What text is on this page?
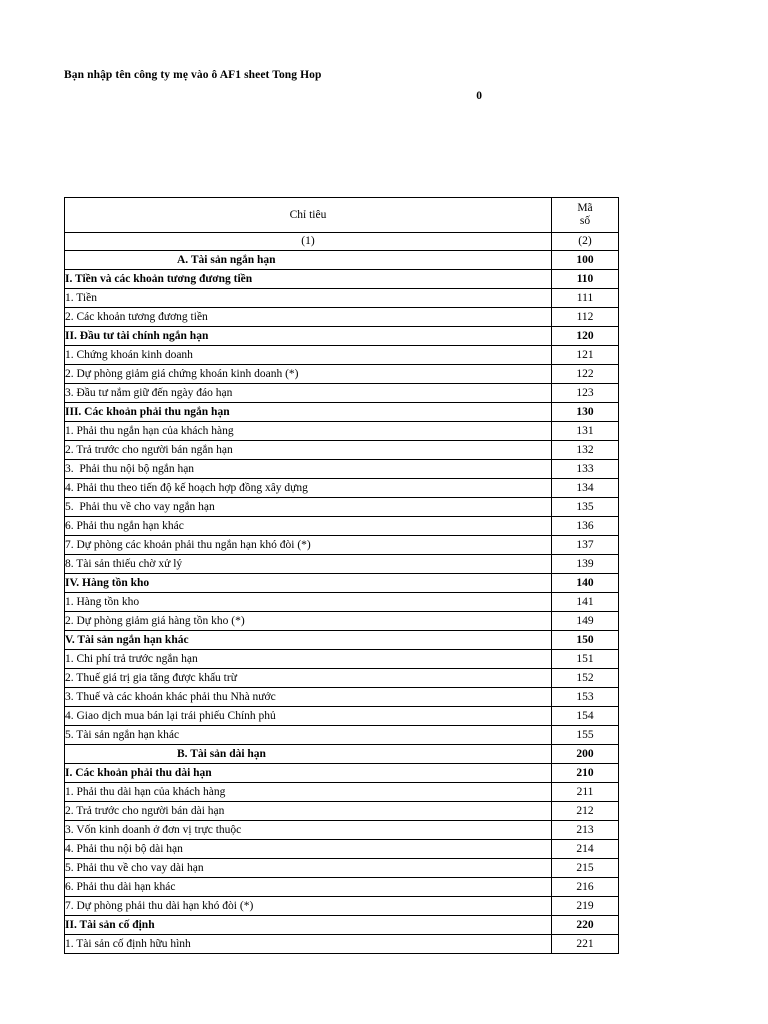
Bạn nhập tên công ty mẹ vào ô AF1 sheet Tong Hop
0
Chỉ tiêu	Mã
số

(1)	(2)
A. Tài sản ngắn hạn	100
I. Tiền và các khoản tương đương tiền	110
1. Tiền	111
2. Các khoản tương đương tiền	112
II. Đầu tư tài chính ngắn hạn	120
1. Chứng khoán kinh doanh	121
2. Dự phòng giảm giá chứng khoán kinh doanh (*)	122
3. Đầu tư nắm giữ đến ngày đáo hạn	123
III. Các khoản phải thu ngắn hạn	130
1. Phải thu ngắn hạn của khách hàng	131
2. Trả trước cho người bán ngắn hạn	132
3.  Phải thu nội bộ ngắn hạn	133
4. Phải thu theo tiến độ kế hoạch hợp đồng xây dựng	134
5.  Phải thu về cho vay ngắn hạn	135
6. Phải thu ngắn hạn khác	136
7. Dự phòng các khoản phải thu ngắn hạn khó đòi (*)	137
8. Tài sản thiếu chờ xử lý	139
IV. Hàng tồn kho	140
1. Hàng tồn kho	141
2. Dự phòng giảm giá hàng tồn kho (*)	149
V. Tài sản ngắn hạn khác	150
1. Chi phí trả trước ngắn hạn	151
2. Thuế giá trị gia tăng được khấu trừ	152
3. Thuế và các khoản khác phải thu Nhà nước	153
4. Giao dịch mua bán lại trái phiếu Chính phủ	154
5. Tài sản ngắn hạn khác	155
B. Tài sản dài hạn	200
I. Các khoản phải thu dài hạn	210
1. Phải thu dài hạn của khách hàng	211
2. Trả trước cho người bán dài hạn	212
3. Vốn kinh doanh ở đơn vị trực thuộc	213
4. Phải thu nội bộ dài hạn	214
5. Phải thu về cho vay dài hạn	215
6. Phải thu dài hạn khác	216
7. Dự phòng phải thu dài hạn khó đòi (*)	219
II. Tài sản cố định	220
1. Tài sản cố định hữu hình	221
